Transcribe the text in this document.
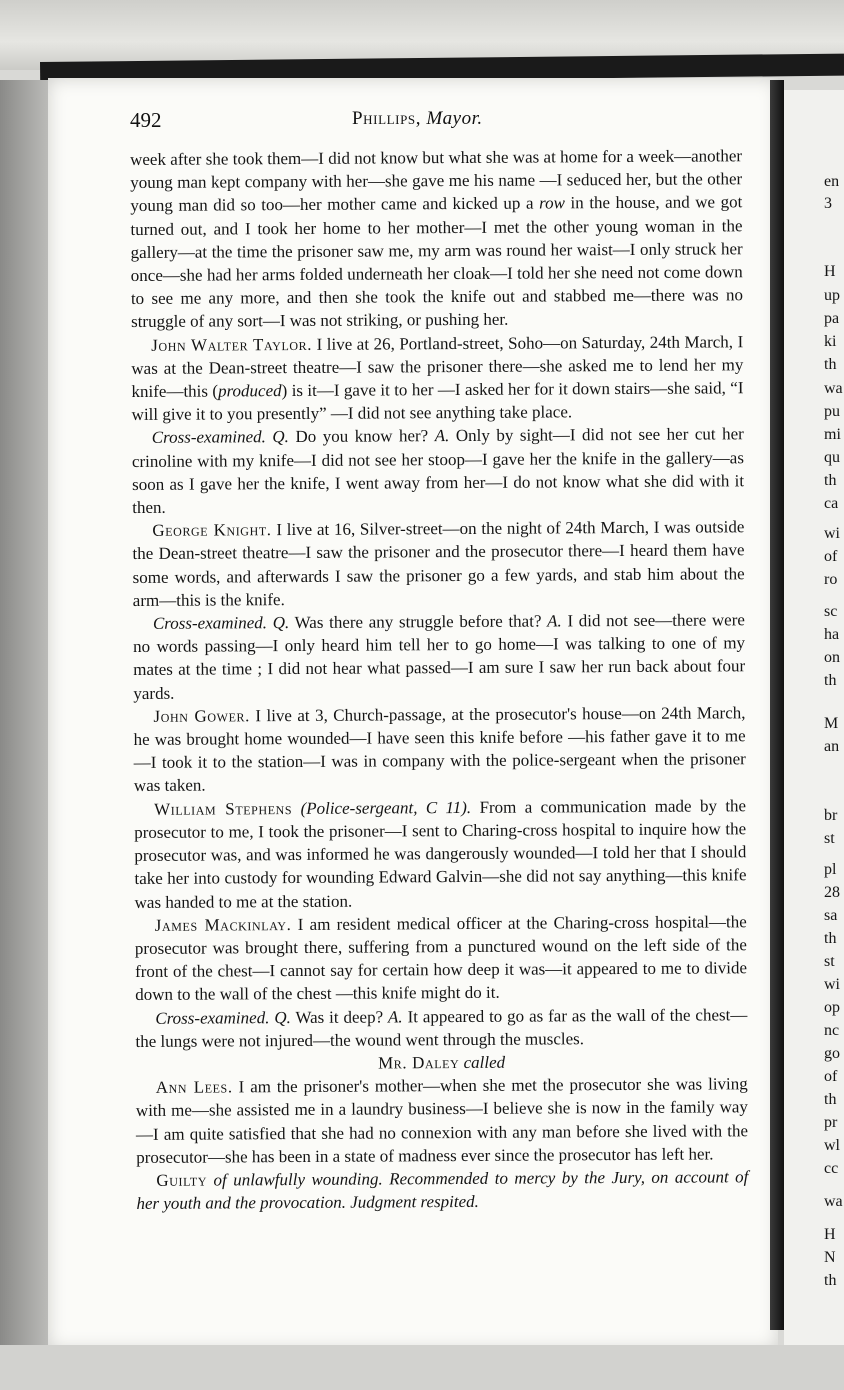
492	Phillips, Mayor.

week after she took them—I did not know but what she was at home for a week—another young man kept company with her—she gave me his name —I seduced her, but the other young man did so too—her mother came and kicked up a row in the house, and we got turned out, and I took her home to her mother—I met the other young woman in the gallery—at the time the prisoner saw me, my arm was round her waist—I only struck her once—she had her arms folded underneath her cloak—I told her she need not come down to see me any more, and then she took the knife out and stabbed me—there was no struggle of any sort—I was not striking, or pushing her.

John Walter Taylor. I live at 26, Portland-street, Soho—on Saturday, 24th March, I was at the Dean-street theatre—I saw the prisoner there—she asked me to lend her my knife—this (produced) is it—I gave it to her —I asked her for it down stairs—she said, “I will give it to you presently” —I did not see anything take place.

Cross-examined. Q. Do you know her? A. Only by sight—I did not see her cut her crinoline with my knife—I did not see her stoop—I gave her the knife in the gallery—as soon as I gave her the knife, I went away from her—I do not know what she did with it then.

George Knight. I live at 16, Silver-street—on the night of 24th March, I was outside the Dean-street theatre—I saw the prisoner and the prosecutor there—I heard them have some words, and afterwards I saw the prisoner go a few yards, and stab him about the arm—this is the knife.

Cross-examined. Q. Was there any struggle before that? A. I did not see—there were no words passing—I only heard him tell her to go home—I was talking to one of my mates at the time ; I did not hear what passed—I am sure I saw her run back about four yards.

John Gower. I live at 3, Church-passage, at the prosecutor's house—on 24th March, he was brought home wounded—I have seen this knife before —his father gave it to me—I took it to the station—I was in company with the police-sergeant when the prisoner was taken.

William Stephens (Police-sergeant, C 11). From a communication made by the prosecutor to me, I took the prisoner—I sent to Charing-cross hospital to inquire how the prosecutor was, and was informed he was dangerously wounded—I told her that I should take her into custody for wounding Edward Galvin—she did not say anything—this knife was handed to me at the station.

James Mackinlay. I am resident medical officer at the Charing-cross hospital—the prosecutor was brought there, suffering from a punctured wound on the left side of the front of the chest—I cannot say for certain how deep it was—it appeared to me to divide down to the wall of the chest —this knife might do it.

Cross-examined. Q. Was it deep? A. It appeared to go as far as the wall of the chest—the lungs were not injured—the wound went through the muscles.

Mr. Daley called

Ann Lees. I am the prisoner's mother—when she met the prosecutor she was living with me—she assisted me in a laundry business—I believe she is now in the family way—I am quite satisfied that she had no connexion with any man before she lived with the prosecutor—she has been in a state of madness ever since the prosecutor has left her.

Guilty of unlawfully wounding. Recommended to mercy by the Jury, on account of her youth and the provocation. Judgment respited.

en
3
H
up
pa
ki
th
wa
pu
mi
qu
th
ca
wi
of
ro
sc
ha
on
th
M
an
br
st
pl
28
sa
th
st
wi
op
nc
go
of
th
pr
wl
cc
wa
H
N
th
